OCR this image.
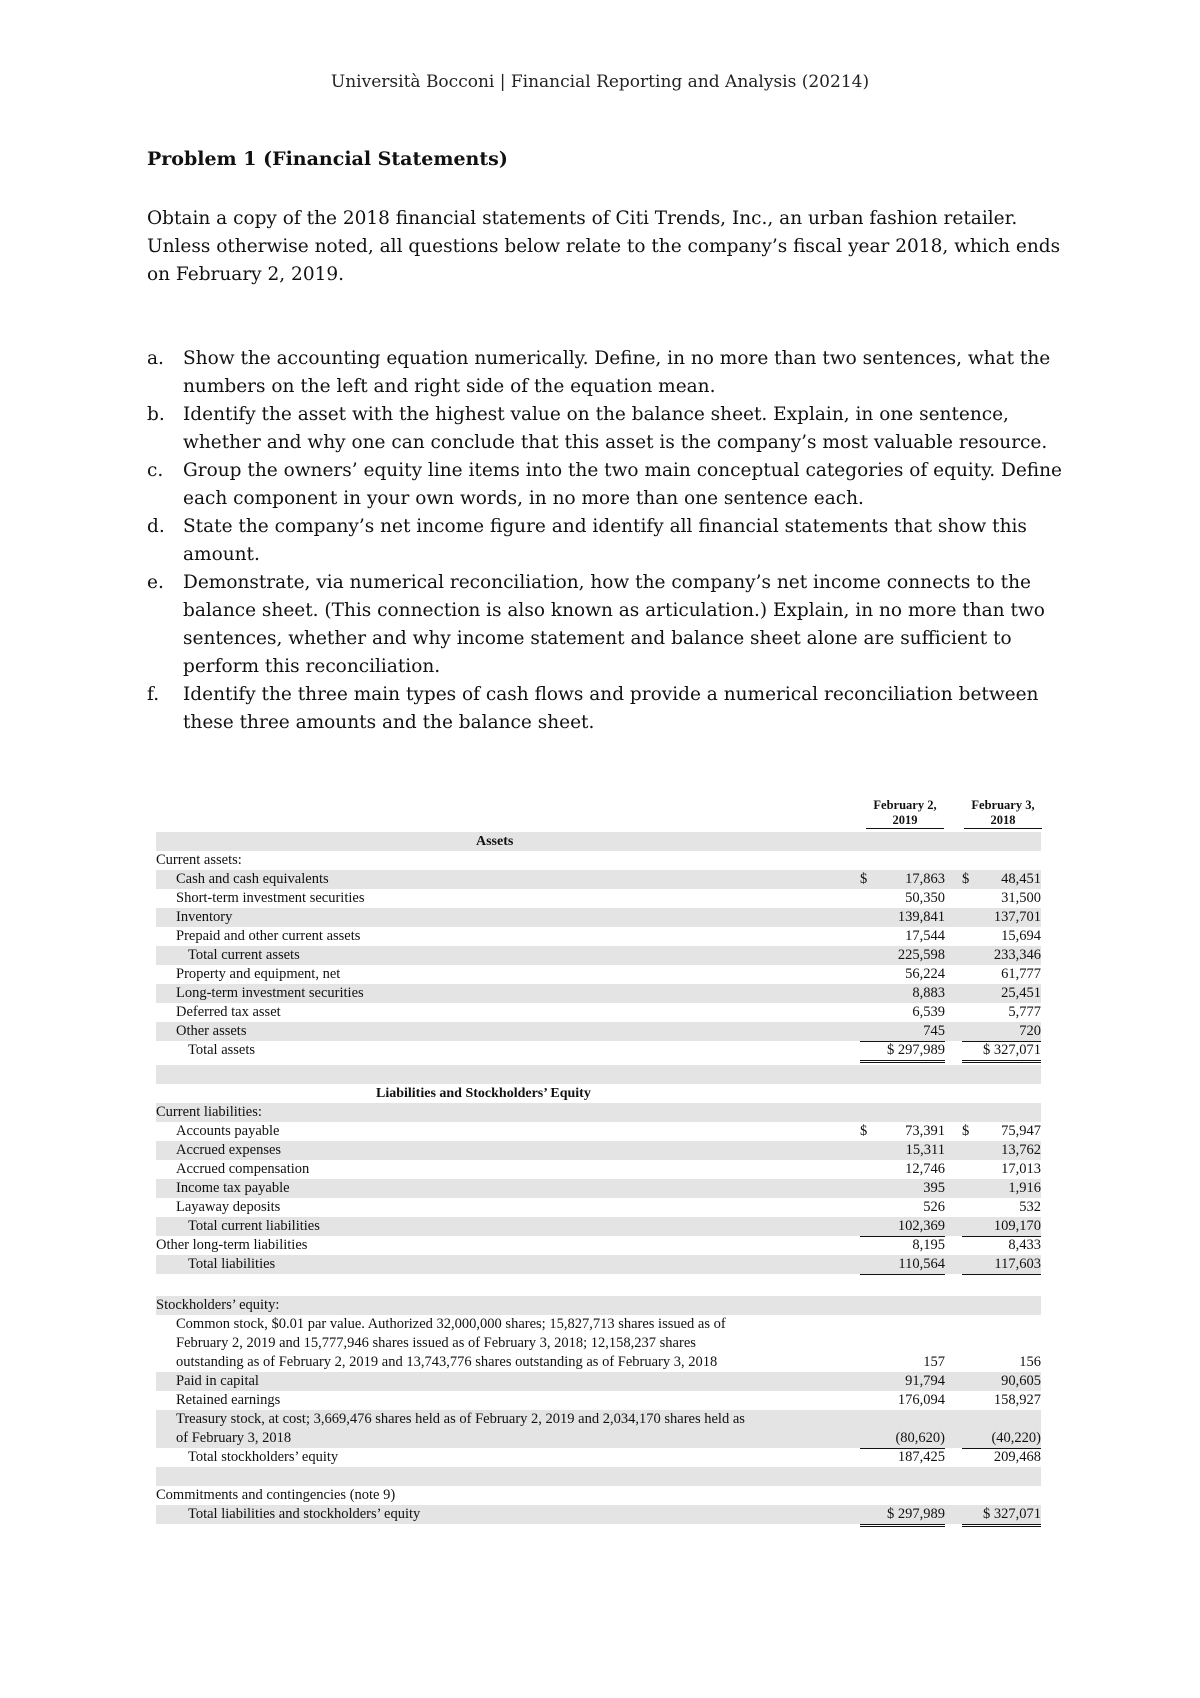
Università Bocconi | Financial Reporting and Analysis (20214)
Problem 1 (Financial Statements)
Obtain a copy of the 2018 financial statements of Citi Trends, Inc., an urban fashion retailer. Unless otherwise noted, all questions below relate to the company’s fiscal year 2018, which ends on February 2, 2019.
a.	Show the accounting equation numerically. Define, in no more than two sentences, what the numbers on the left and right side of the equation mean.
b. Identify the asset with the highest value on the balance sheet. Explain, in one sentence, whether and why one can conclude that this asset is the company’s most valuable resource.
c.	Group the owners’ equity line items into the two main conceptual categories of equity. Define each component in your own words, in no more than one sentence each.
d. State the company’s net income figure and identify all financial statements that show this amount.
e.	Demonstrate, via numerical reconciliation, how the company’s net income connects to the balance sheet. (This connection is also known as articulation.) Explain, in no more than two sentences, whether and why income statement and balance sheet alone are sufficient to perform this reconciliation.
f.	Identify the three main types of cash flows and provide a numerical reconciliation between these three amounts and the balance sheet.
February 2, 2019
February 3, 2018
Assets
Current assets:
Cash and cash equivalents	$	17,863 $ 48,451
Short-term investment securities	50,350	31,500
Inventory	139,841	137,701
Prepaid and other current assets	17,544	15,694
Total current assets	225,598	233,346
Property and equipment, net	56,224	61,777
Long-term investment securities	8,883	25,451
Deferred tax asset	6,539	5,777
Other assets	745	720
Total assets	$ 297,989	$ 327,071
Liabilities and Stockholders’ Equity
Current liabilities:
Accounts payable	$	73,391 $ 75,947
Accrued expenses	15,311	13,762
Accrued compensation	12,746	17,013
Income tax payable	395	1,916
Layaway deposits	526	532
Total current liabilities	102,369	109,170
Other long-term liabilities	8,195	8,433
Total liabilities	110,564	117,603
Stockholders’ equity:
Common stock, $0.01 par value. Authorized 32,000,000 shares; 15,827,713 shares issued as of
February 2, 2019 and 15,777,946 shares issued as of February 3, 2018; 12,158,237 shares
outstanding as of February 2, 2019 and 13,743,776 shares outstanding as of February 3, 2018	157	156
Paid in capital	91,794	90,605
Retained earnings	176,094	158,927
Treasury stock, at cost; 3,669,476 shares held as of February 2, 2019 and 2,034,170 shares held as
of February 3, 2018	(80,620)	(40,220)
Total stockholders’ equity	187,425	209,468
Commitments and contingencies (note 9)
Total liabilities and stockholders’ equity	$ 297,989	$ 327,071
